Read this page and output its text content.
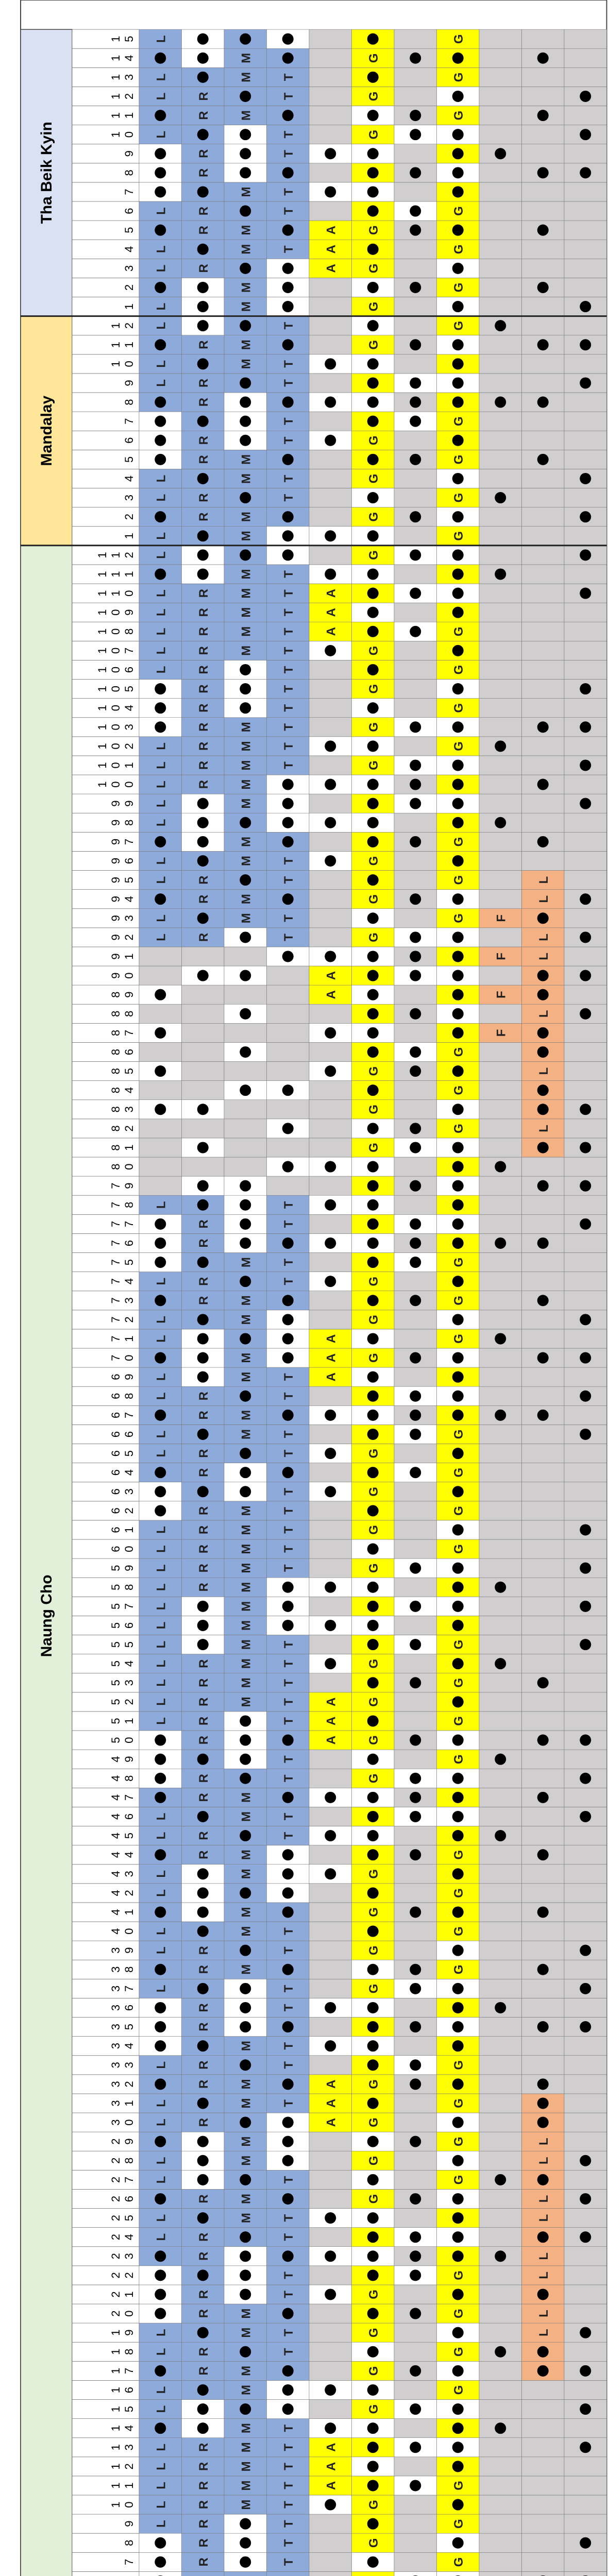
Naung Cho
Mandalay
Tha Beik Kyin
7
8
9
10
11
12
13
14
15
16
17
18
19
20
21
22
23
24
25
26
27
28
29
30
31
32
33
34
35
36
37
38
39
40
41
42
43
44
45
46
47
48
49
50
51
52
53
54
55
56
57
58
59
60
61
62
63
64
65
66
67
68
69
70
71
72
73
74
75
76
77
78
79
80
81
82
83
84
85
86
87
88
89
90
91
92
93
94
95
96
97
98
99
100
101
102
103
104
105
106
107
108
109
110
111
112
1
2
3
4
5
6
7
8
9
10
11
12
1
2
3
4
5
6
7
8
9
10
11
12
13
14
15
L
L
L
L
L
L
L
L
L
L
L
L
L
L
L
L
L
L
L
L
L
L
L
L
L
L
L
L
L
L
L
L
L
L
L
L
L
L
L
L
L
L
L
L
L
L
L
L
L
L
L
L
L
L
L
L
L
L
L
L
L
L
L
L
L
L
L
L
L
L
L
R
R
R
R
R
R
R
R
R
R
R
R
R
R
R
R
R
R
R
R
R
R
R
R
R
R
R
R
R
R
R
R
R
R
R
R
R
R
R
R
R
R
R
R
R
R
R
R
R
R
R
R
R
R
R
R
R
R
R
R
R
R
R
R
R
R
R
R
R
R
R
M
M
M
M
M
M
M
M
M
M
M
M
M
M
M
M
M
M
M
M
M
M
M
M
M
M
M
M
M
M
M
M
M
M
M
M
M
M
M
M
M
M
M
M
M
M
M
M
M
M
M
M
M
M
M
M
M
M
M
M
M
M
M
M
M
M
M
M
M
T
T
T
T
T
T
T
T
T
T
T
T
T
T
T
T
T
T
T
T
T
T
T
T
T
T
T
T
T
T
T
T
T
T
T
T
T
T
T
T
T
T
T
T
T
T
T
T
T
T
T
T
T
T
T
T
T
T
T
T
T
T
T
T
T
T
T
T
T
T
T
T
T
A
A
A
A
A
A
A
A
A
A
A
A
A
A
A
A
A
A
A
A
G
G
G
G
G
G
G
G
G
G
G
G
G
G
G
G
G
G
G
G
G
G
G
G
G
G
G
G
G
G
G
G
G
G
G
G
G
G
G
G
G
G
G
G
G
G
G
G
G
G
G
G
G
G
G
G
G
G
G
G
G
G
G
G
G
G
G
G
G
G
G
G
G
G
G
G
G
G
G
G
G
G
G
G
G
G
G
G
G
G
G
G
G
F
F
F
F
L
L
L
L
L
L
L
L
L
L
L
L
L
L
L
